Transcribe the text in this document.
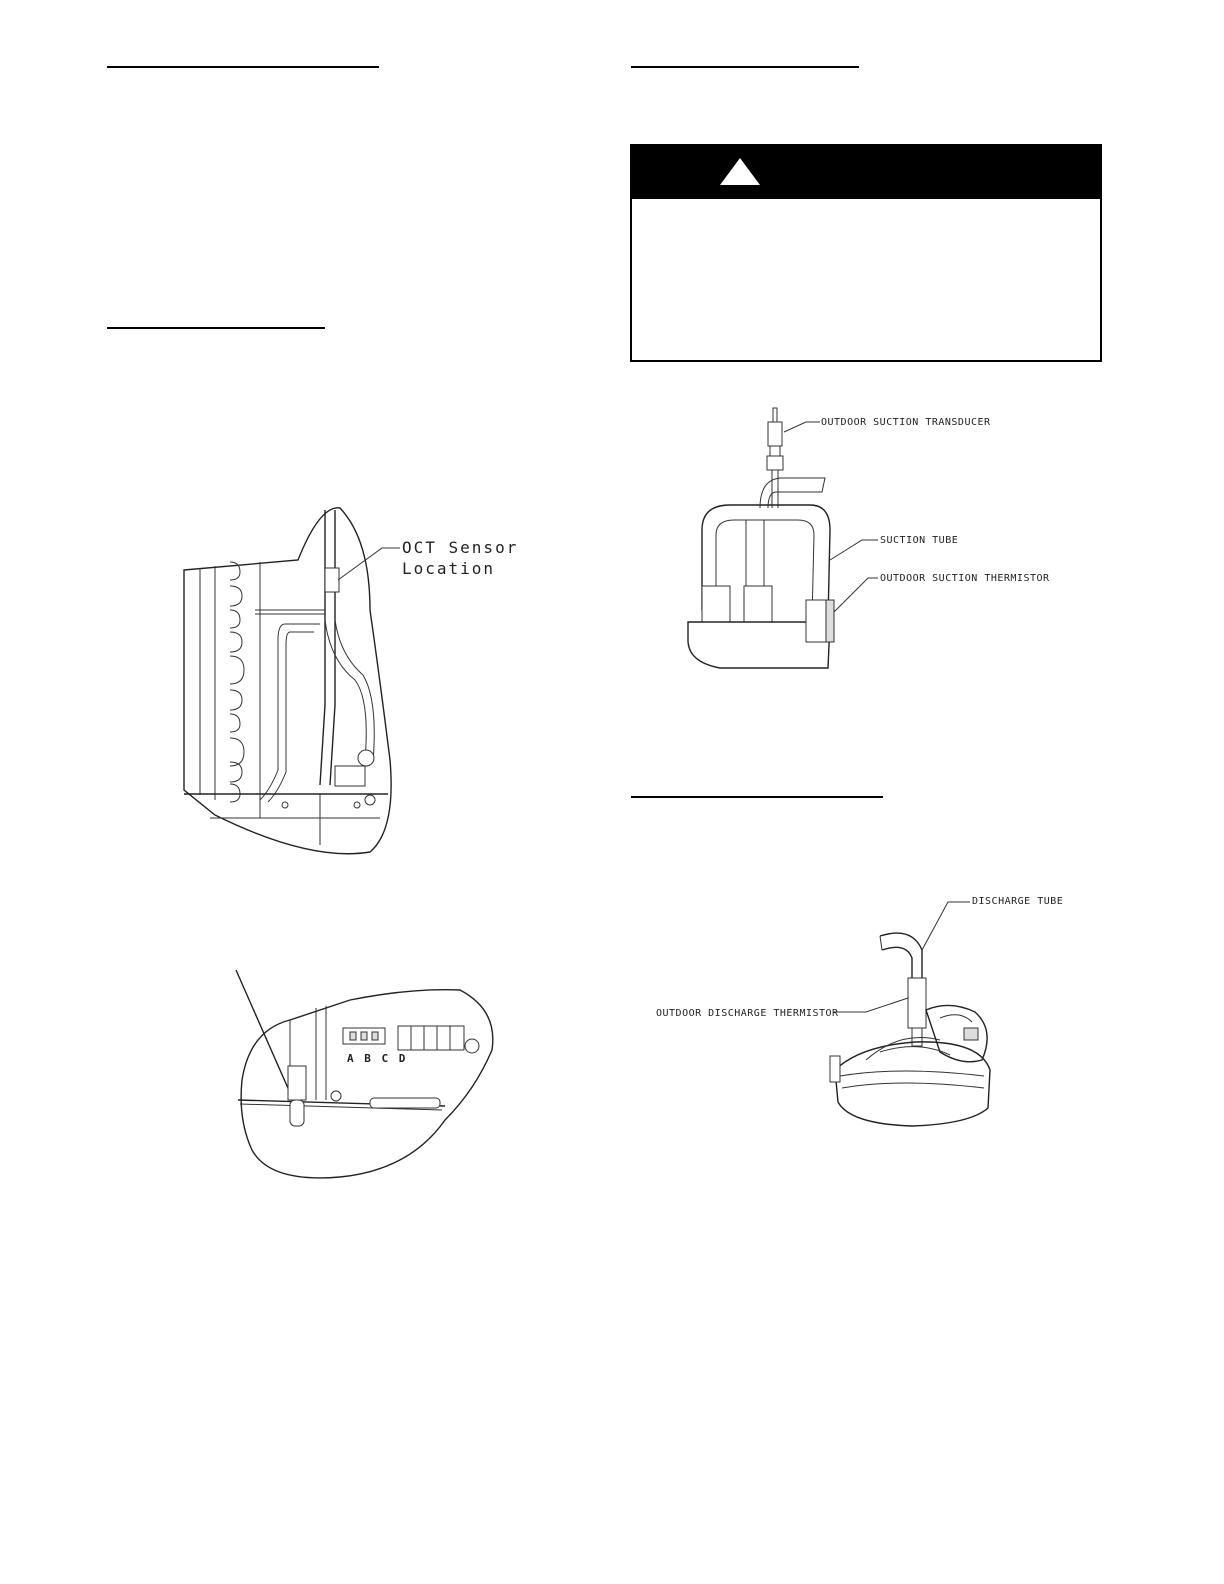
OCT Sensor
Location
A B C D
OUTDOOR SUCTION TRANSDUCER
SUCTION TUBE
OUTDOOR SUCTION THERMISTOR
DISCHARGE TUBE
OUTDOOR DISCHARGE THERMISTOR
